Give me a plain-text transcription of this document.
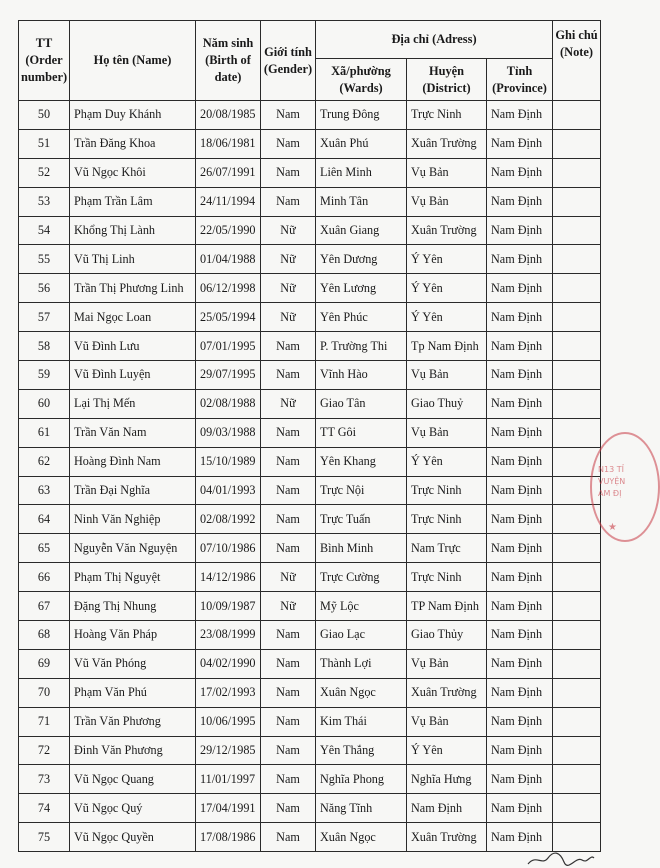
TT
(Order
number)	Họ tên (Name)	Năm sinh
(Birth of
date)	Giới tính
(Gender)	Địa chỉ (Adress)			Ghi chú
(Note)

				Xã/phường
(Wards)	Huyện
(District)	Tỉnh
(Province)	

50	Phạm Duy Khánh	20/08/1985	Nam	Trung Đông	Trực Ninh	Nam Định	
51	Trần Đăng Khoa	18/06/1981	Nam	Xuân Phú	Xuân Trường	Nam Định	
52	Vũ Ngọc Khôi	26/07/1991	Nam	Liên Minh	Vụ Bản	Nam Định	
53	Phạm Trần Lâm	24/11/1994	Nam	Minh Tân	Vụ Bản	Nam Định	
54	Khổng Thị Lành	22/05/1990	Nữ	Xuân Giang	Xuân Trường	Nam Định	
55	Vũ Thị Linh	01/04/1988	Nữ	Yên Dương	Ý Yên	Nam Định	
56	Trần Thị Phương Linh	06/12/1998	Nữ	Yên Lương	Ý Yên	Nam Định	
57	Mai Ngọc Loan	25/05/1994	Nữ	Yên Phúc	Ý Yên	Nam Định	
58	Vũ Đình Lưu	07/01/1995	Nam	P. Trường Thi	Tp Nam Định	Nam Định	
59	Vũ Đình Luyện	29/07/1995	Nam	Vĩnh Hào	Vụ Bản	Nam Định	
60	Lại Thị Mến	02/08/1988	Nữ	Giao Tân	Giao Thuỷ	Nam Định	
61	Trần Văn Nam	09/03/1988	Nam	TT Gôi	Vụ Bản	Nam Định	
62	Hoàng Đình Nam	15/10/1989	Nam	Yên Khang	Ý Yên	Nam Định	
63	Trần Đại Nghĩa	04/01/1993	Nam	Trực Nội	Trực Ninh	Nam Định	
64	Ninh Văn Nghiệp	02/08/1992	Nam	Trực Tuấn	Trực Ninh	Nam Định	
65	Nguyễn Văn Nguyện	07/10/1986	Nam	Bình Minh	Nam Trực	Nam Định	
66	Phạm Thị Nguyệt	14/12/1986	Nữ	Trực Cường	Trực Ninh	Nam Định	
67	Đặng Thị Nhung	10/09/1987	Nữ	Mỹ Lộc	TP Nam Định	Nam Định	
68	Hoàng Văn Pháp	23/08/1999	Nam	Giao Lạc	Giao Thủy	Nam Định	
69	Vũ Văn Phóng	04/02/1990	Nam	Thành Lợi	Vụ Bản	Nam Định	
70	Phạm Văn Phú	17/02/1993	Nam	Xuân Ngọc	Xuân Trường	Nam Định	
71	Trần Văn Phương	10/06/1995	Nam	Kim Thái	Vụ Bản	Nam Định	
72	Đinh Văn Phương	29/12/1985	Nam	Yên Thắng	Ý Yên	Nam Định	
73	Vũ Ngọc Quang	11/01/1997	Nam	Nghĩa Phong	Nghĩa Hưng	Nam Định	
74	Vũ Ngọc Quý	17/04/1991	Nam	Năng Tĩnh	Nam Định	Nam Định	
75	Vũ Ngọc Quyền	17/08/1986	Nam	Xuân Ngọc	Xuân Trường	Nam Định	
N13 TỈ
VUYỆN
AM ĐỊ
★
